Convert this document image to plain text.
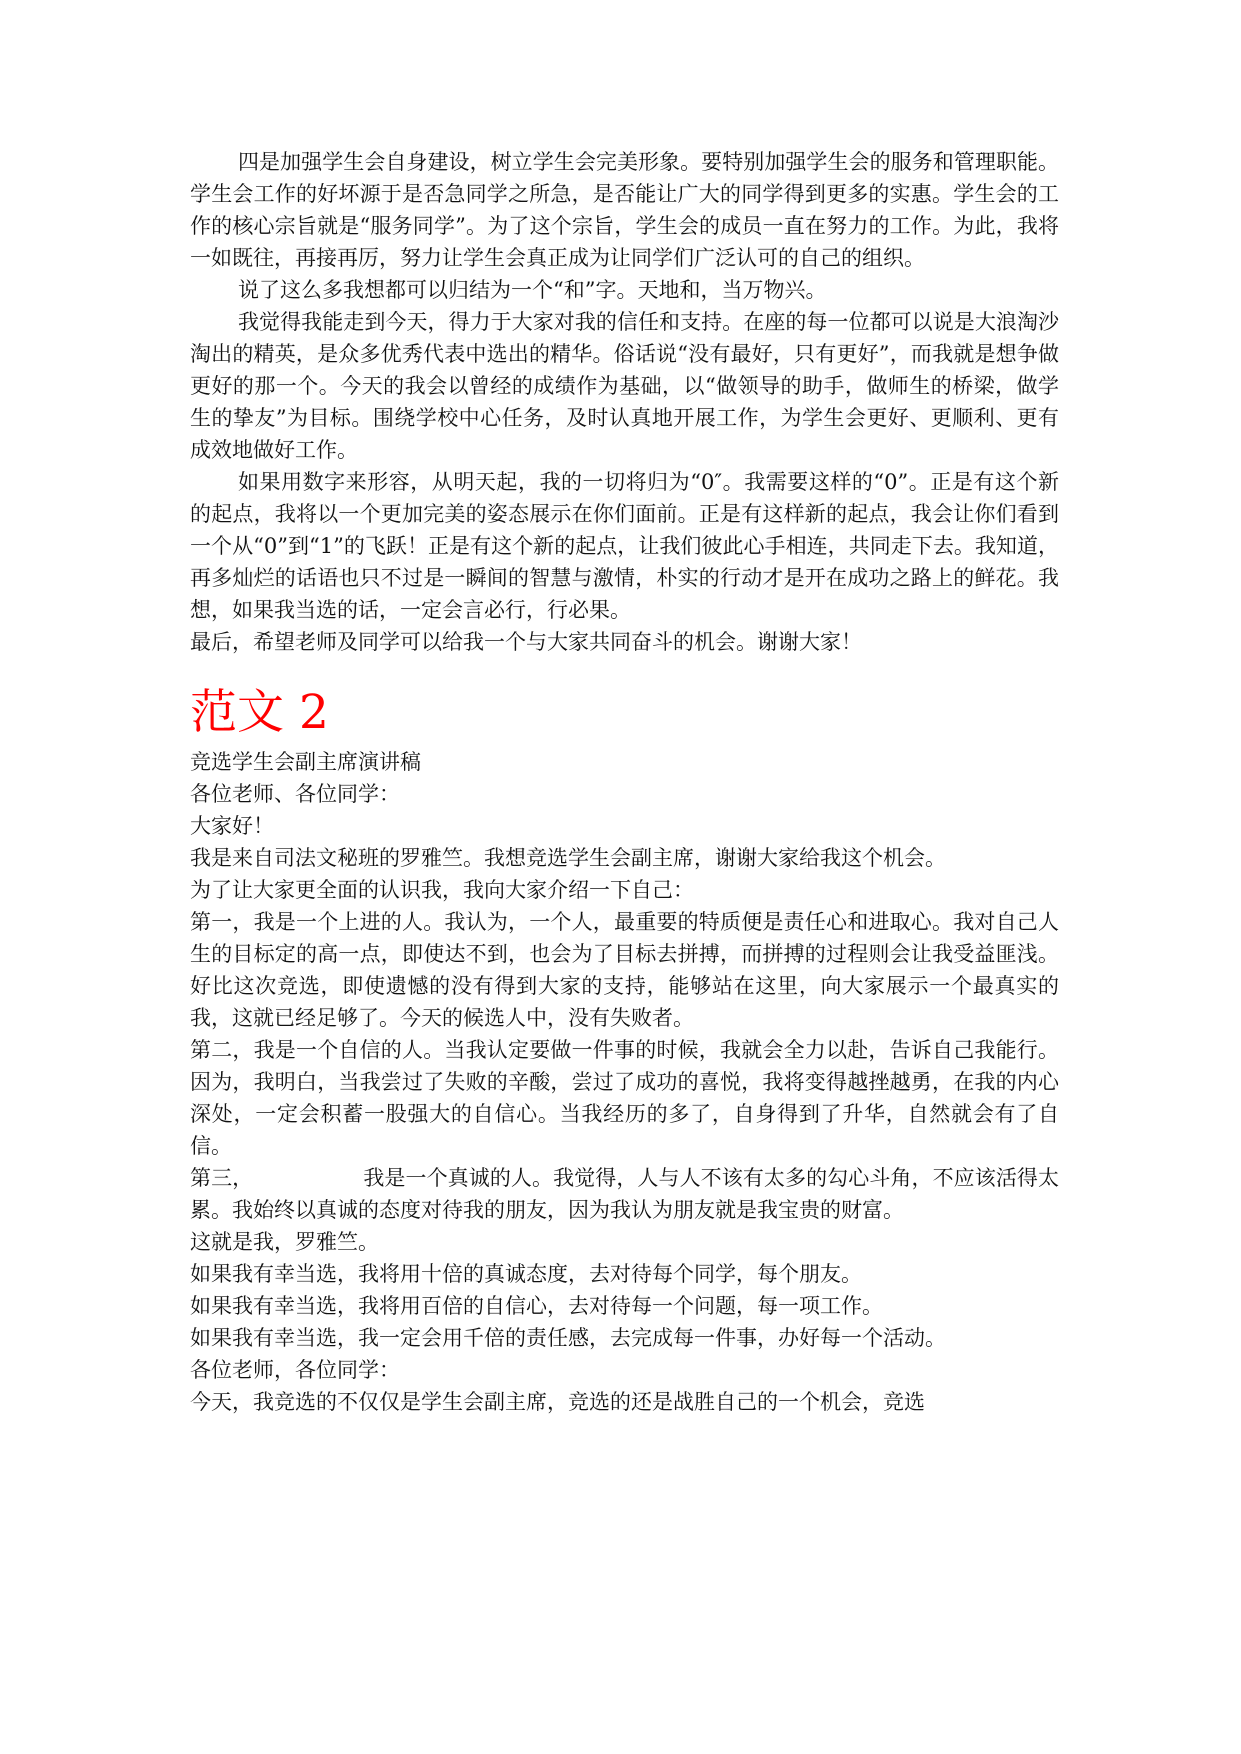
四是加强学生会自身建设，树立学生会完美形象。要特别加强学生会的服务和管理职能。学生会工作的好坏源于是否急同学之所急，是否能让广大的同学得到更多的实惠。学生会的工作的核心宗旨就是“服务同学”。为了这个宗旨，学生会的成员一直在努力的工作。为此，我将一如既往，再接再厉，努力让学生会真正成为让同学们广泛认可的自己的组织。

说了这么多我想都可以归结为一个“和”字。天地和，当万物兴。

我觉得我能走到今天，得力于大家对我的信任和支持。在座的每一位都可以说是大浪淘沙淘出的精英，是众多优秀代表中选出的精华。俗话说“没有最好，只有更好”，而我就是想争做更好的那一个。今天的我会以曾经的成绩作为基础，以“做领导的助手，做师生的桥梁，做学生的挚友”为目标。围绕学校中心任务，及时认真地开展工作，为学生会更好、更顺利、更有成效地做好工作。

如果用数字来形容，从明天起，我的一切将归为“0″。我需要这样的“0”。正是有这个新的起点，我将以一个更加完美的姿态展示在你们面前。正是有这样新的起点，我会让你们看到一个从“0”到“1”的飞跃！正是有这个新的起点，让我们彼此心手相连，共同走下去。我知道，再多灿烂的话语也只不过是一瞬间的智慧与激情，朴实的行动才是开在成功之路上的鲜花。我想，如果我当选的话，一定会言必行，行必果。

最后，希望老师及同学可以给我一个与大家共同奋斗的机会。谢谢大家！

范文 2

竞选学生会副主席演讲稿

各位老师、各位同学：

大家好！

我是来自司法文秘班的罗雅竺。我想竞选学生会副主席，谢谢大家给我这个机会。

为了让大家更全面的认识我，我向大家介绍一下自己：

第一，我是一个上进的人。我认为，一个人，最重要的特质便是责任心和进取心。我对自己人生的目标定的高一点，即使达不到，也会为了目标去拼搏，而拼搏的过程则会让我受益匪浅。好比这次竞选，即使遗憾的没有得到大家的支持，能够站在这里，向大家展示一个最真实的我，这就已经足够了。今天的候选人中，没有失败者。

第二，我是一个自信的人。当我认定要做一件事的时候，我就会全力以赴，告诉自己我能行。因为，我明白，当我尝过了失败的辛酸，尝过了成功的喜悦，我将变得越挫越勇，在我的内心深处，一定会积蓄一股强大的自信心。当我经历的多了，自身得到了升华，自然就会有了自信。

第三，	我是一个真诚的人。我觉得，人与人不该有太多的勾心斗角，不应该活得太累。我始终以真诚的态度对待我的朋友，因为我认为朋友就是我宝贵的财富。

这就是我，罗雅竺。

如果我有幸当选，我将用十倍的真诚态度，去对待每个同学，每个朋友。

如果我有幸当选，我将用百倍的自信心，去对待每一个问题，每一项工作。

如果我有幸当选，我一定会用千倍的责任感，去完成每一件事，办好每一个活动。

各位老师，各位同学：

今天，我竞选的不仅仅是学生会副主席，竞选的还是战胜自己的一个机会，竞选
